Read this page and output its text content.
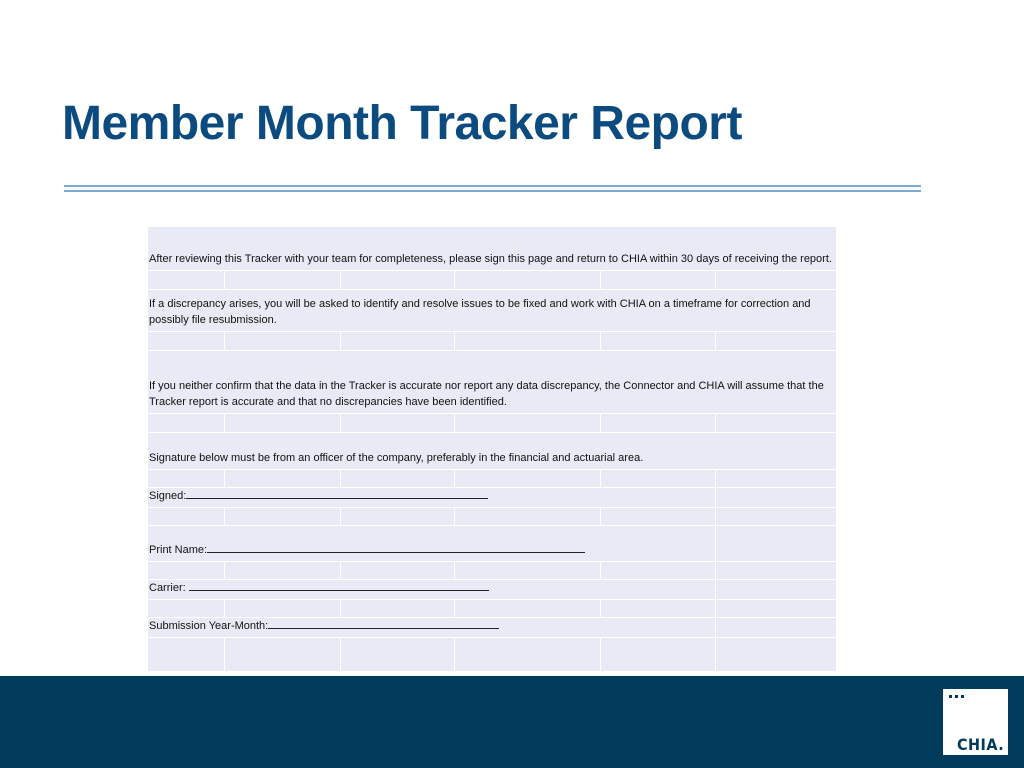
Member Month Tracker Report
After reviewing this Tracker with your team for completeness, please sign this page and return to CHIA within 30 days of receiving the report.					

If a discrepancy arises, you will be asked to identify and resolve issues to be fixed and work with CHIA on a timeframe for correction and possibly file resubmission.					

If you neither confirm that the data in the Tracker is accurate nor report any data discrepancy, the Connector and CHIA will assume that the Tracker report is accurate and that no discrepancies have been identified.					

Signature below must be from an officer of the company, preferably in the financial and actuarial area.					

Signed:					

Print Name:					

Carrier:					

Submission Year-Month:					

CHIA.
